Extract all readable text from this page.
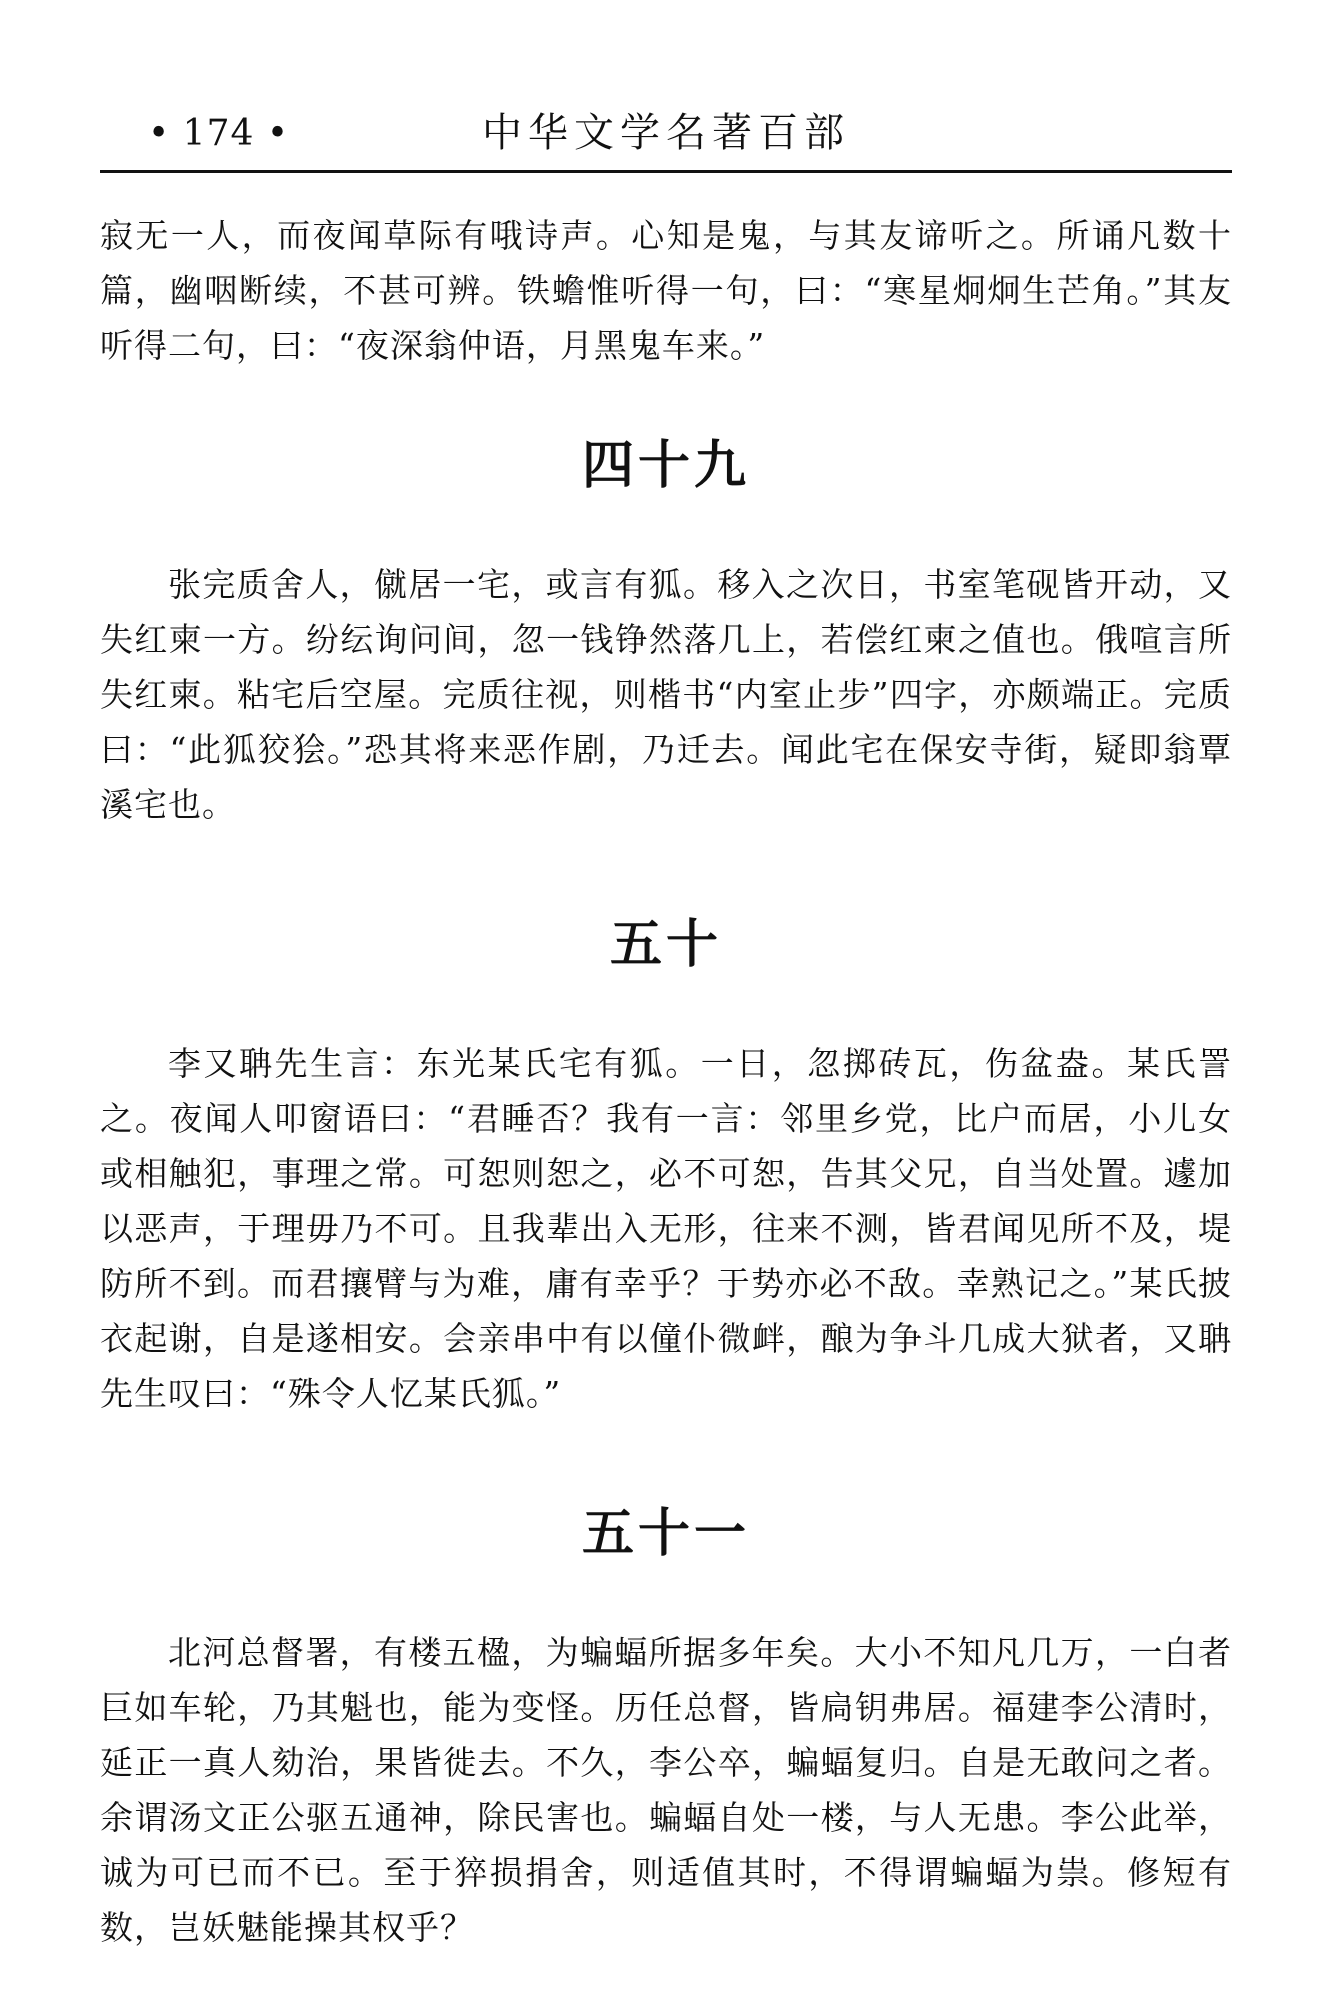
• 174 •	中华文学名著百部

寂无一人，而夜闻草际有哦诗声。心知是鬼，与其友谛听之。所诵凡数十篇，幽咽断续，不甚可辨。铁蟾惟听得一句，曰：“寒星炯炯生芒角。”其友听得二句，曰：“夜深翁仲语，月黑鬼车来。”

四十九

张完质舍人，僦居一宅，或言有狐。移入之次日，书室笔砚皆开动，又失红柬一方。纷纭询问间，忽一钱铮然落几上，若偿红柬之值也。俄喧言所失红柬。粘宅后空屋。完质往视，则楷书“内室止步”四字，亦颇端正。完质曰：“此狐狡狯。”恐其将来恶作剧，乃迁去。闻此宅在保安寺街，疑即翁覃溪宅也。

五十

李又聃先生言：东光某氏宅有狐。一日，忽掷砖瓦，伤盆盎。某氏詈之。夜闻人叩窗语曰：“君睡否？我有一言：邻里乡党，比户而居，小儿女或相触犯，事理之常。可恕则恕之，必不可恕，告其父兄，自当处置。遽加以恶声，于理毋乃不可。且我辈出入无形，往来不测，皆君闻见所不及，堤防所不到。而君攘臂与为难，庸有幸乎？于势亦必不敌。幸熟记之。”某氏披衣起谢，自是遂相安。会亲串中有以僮仆微衅，酿为争斗几成大狱者，又聃先生叹曰：“殊令人忆某氏狐。”

五十一

北河总督署，有楼五楹，为蝙蝠所据多年矣。大小不知凡几万，一白者巨如车轮，乃其魁也，能为变怪。历任总督，皆扃钥弗居。福建李公清时，延正一真人劾治，果皆徙去。不久，李公卒，蝙蝠复归。自是无敢问之者。余谓汤文正公驱五通神，除民害也。蝙蝠自处一楼，与人无患。李公此举，诚为可已而不已。至于猝损捐舍，则适值其时，不得谓蝙蝠为祟。修短有数，岂妖魅能操其权乎？
